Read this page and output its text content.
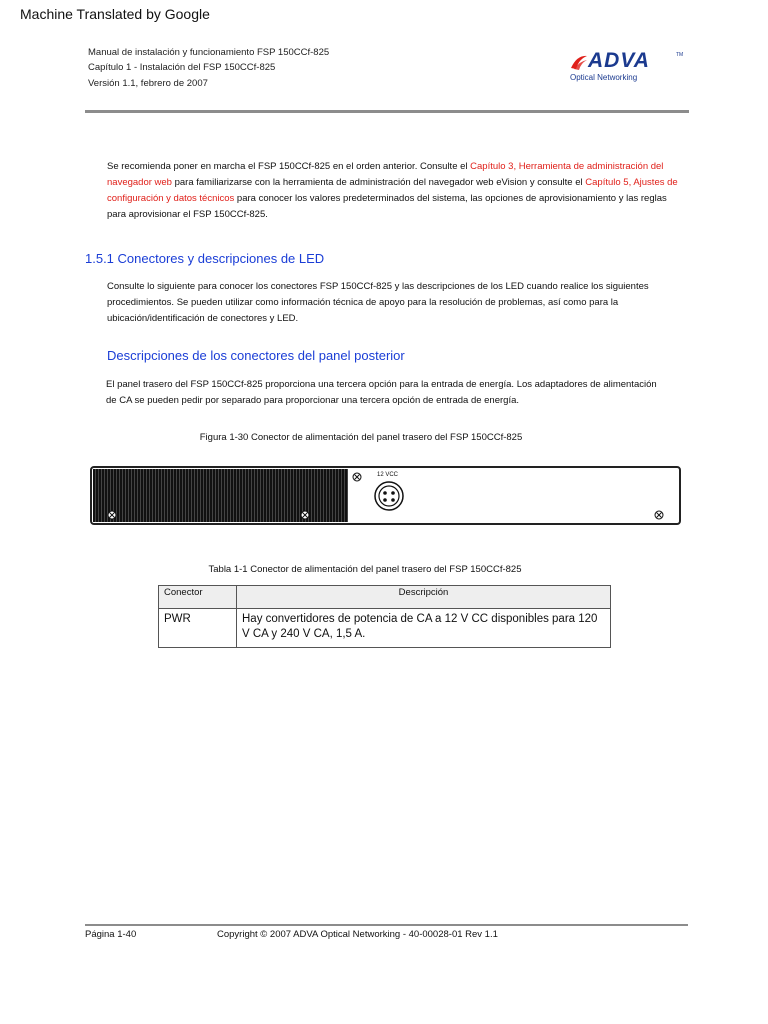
Machine Translated by Google
Manual de instalación y funcionamiento FSP 150CCf-825
Capítulo 1 - Instalación del FSP 150CCf-825
Versión 1.1, febrero de 2007
ADVA	TM
Optical Networking
Se recomienda poner en marcha el FSP 150CCf-825 en el orden anterior. Consulte el Capítulo 3, Herramienta de administración del navegador web para familiarizarse con la herramienta de administración del navegador web eVision y consulte el Capítulo 5, Ajustes de configuración y datos técnicos para conocer los valores predeterminados del sistema, las opciones de aprovisionamiento y las reglas para aprovisionar el FSP 150CCf-825.
1.5.1 Conectores y descripciones de LED
Consulte lo siguiente para conocer los conectores FSP 150CCf-825 y las descripciones de los LED cuando realice los siguientes procedimientos. Se pueden utilizar como información técnica de apoyo para la resolución de problemas, así como para la ubicación/identificación de conectores y LED.
Descripciones de los conectores del panel posterior
El panel trasero del FSP 150CCf-825 proporciona una tercera opción para la entrada de energía. Los adaptadores de alimentación de CA se pueden pedir por separado para proporcionar una tercera opción de entrada de energía.
Figura 1-30 Conector de alimentación del panel trasero del FSP 150CCf-825
12 VCC
Tabla 1-1 Conector de alimentación del panel trasero del FSP 150CCf-825
Conector	Descripción
PWR	Hay convertidores de potencia de CA a 12 V CC disponibles para 120 V CA y 240 V CA, 1,5 A.
Página 1-40	Copyright © 2007 ADVA Optical Networking - 40-00028-01 Rev 1.1
